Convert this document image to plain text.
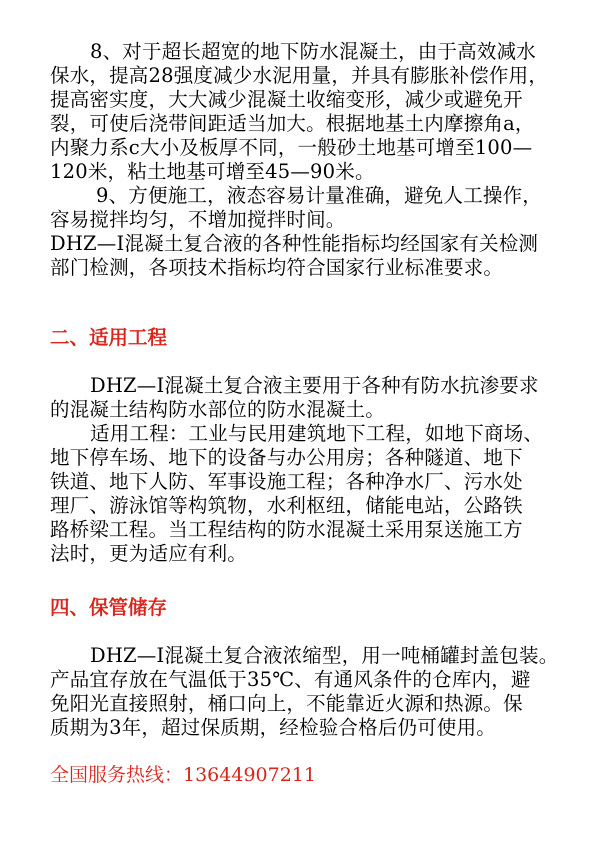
8、对于超长超宽的地下防水混凝土，由于高效减水
保水，提高28强度减少水泥用量，并具有膨胀补偿作用，
提高密实度，大大减少混凝土收缩变形，减少或避免开
裂，可使后浇带间距适当加大。根据地基土内摩擦角a，
内聚力系c大小及板厚不同，一般砂土地基可增至100—
120米，粘土地基可增至45—90米。
9、方便施工，液态容易计量准确，避免人工操作，
容易搅拌均匀，不增加搅拌时间。
DHZ—Ⅰ混凝土复合液的各种性能指标均经国家有关检测
部门检测，各项技术指标均符合国家行业标准要求。
二、适用工程
DHZ—Ⅰ混凝土复合液主要用于各种有防水抗渗要求
的混凝土结构防水部位的防水混凝土。
适用工程：工业与民用建筑地下工程，如地下商场、
地下停车场、地下的设备与办公用房；各种隧道、地下
铁道、地下人防、军事设施工程；各种净水厂、污水处
理厂、游泳馆等构筑物，水利枢纽，储能电站，公路铁
路桥梁工程。当工程结构的防水混凝土采用泵送施工方
法时，更为适应有利。
四、保管储存
DHZ—Ⅰ混凝土复合液浓缩型，用一吨桶罐封盖包装。
产品宜存放在气温低于35℃、有通风条件的仓库内，避
免阳光直接照射，桶口向上，不能靠近火源和热源。保
质期为3年，超过保质期，经检验合格后仍可使用。
全国服务热线：13644907211
